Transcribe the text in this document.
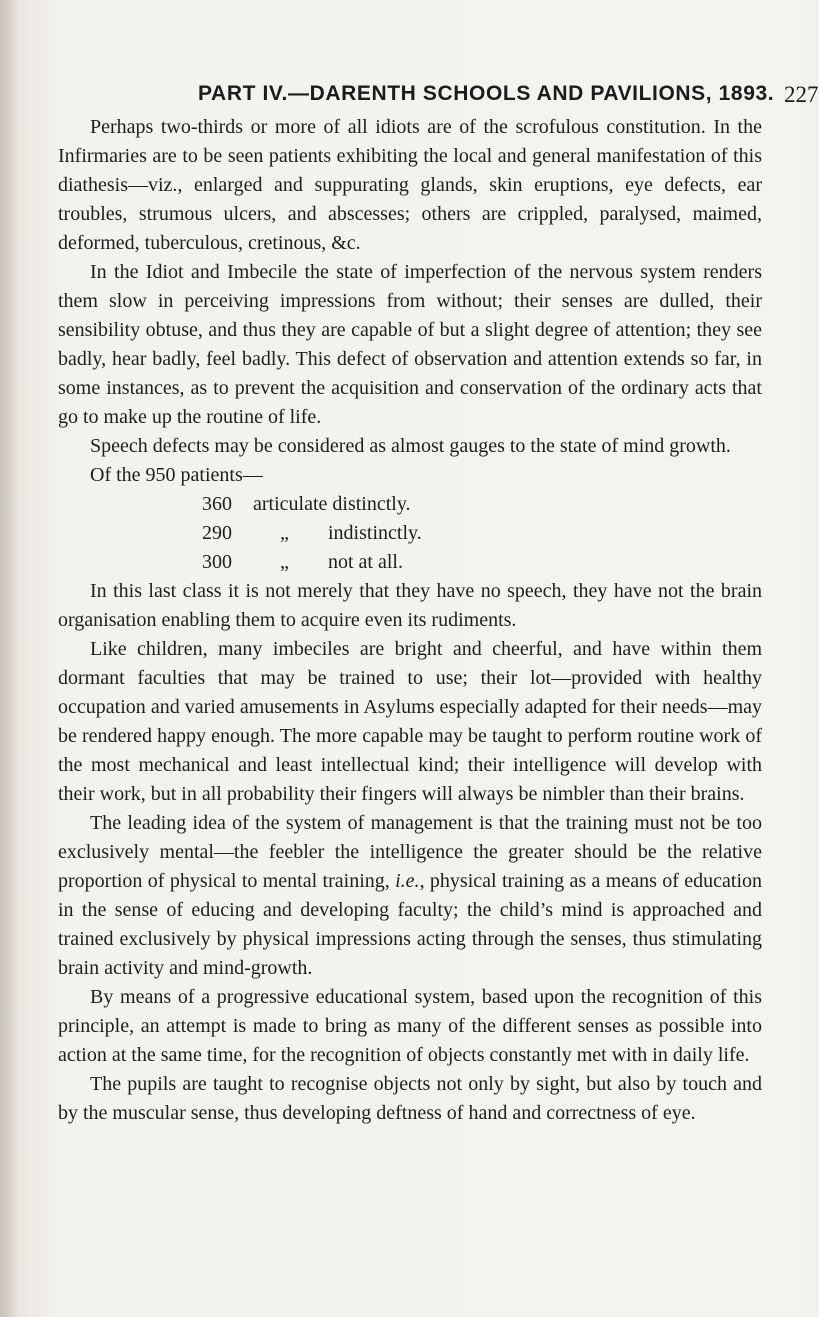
PART IV.—DARENTH SCHOOLS AND PAVILIONS, 1893. 227

Perhaps two-thirds or more of all idiots are of the scrofulous constitution. In the Infirmaries are to be seen patients exhibiting the local and general manifestation of this diathesis—viz., enlarged and suppurating glands, skin eruptions, eye defects, ear troubles, strumous ulcers, and abscesses; others are crippled, paralysed, maimed, deformed, tuberculous, cretinous, &c.

In the Idiot and Imbecile the state of imperfection of the nervous system renders them slow in perceiving impressions from without; their senses are dulled, their sensibility obtuse, and thus they are capable of but a slight degree of attention; they see badly, hear badly, feel badly. This defect of observation and attention extends so far, in some instances, as to prevent the acquisition and conservation of the ordinary acts that go to make up the routine of life.

Speech defects may be considered as almost gauges to the state of mind growth.

Of the 950 patients—

360 articulate distinctly.
290 „ indistinctly.
300 „ not at all.

In this last class it is not merely that they have no speech, they have not the brain organisation enabling them to acquire even its rudiments.

Like children, many imbeciles are bright and cheerful, and have within them dormant faculties that may be trained to use; their lot—provided with healthy occupation and varied amusements in Asylums especially adapted for their needs—may be rendered happy enough. The more capable may be taught to perform routine work of the most mechanical and least intellectual kind; their intelligence will develop with their work, but in all probability their fingers will always be nimbler than their brains.

The leading idea of the system of management is that the training must not be too exclusively mental—the feebler the intelligence the greater should be the relative proportion of physical to mental training, i.e., physical training as a means of education in the sense of educing and developing faculty; the child’s mind is approached and trained exclusively by physical impressions acting through the senses, thus stimulating brain activity and mind-growth.

By means of a progressive educational system, based upon the recognition of this principle, an attempt is made to bring as many of the different senses as possible into action at the same time, for the recognition of objects constantly met with in daily life.

The pupils are taught to recognise objects not only by sight, but also by touch and by the muscular sense, thus developing deftness of hand and correctness of eye.
